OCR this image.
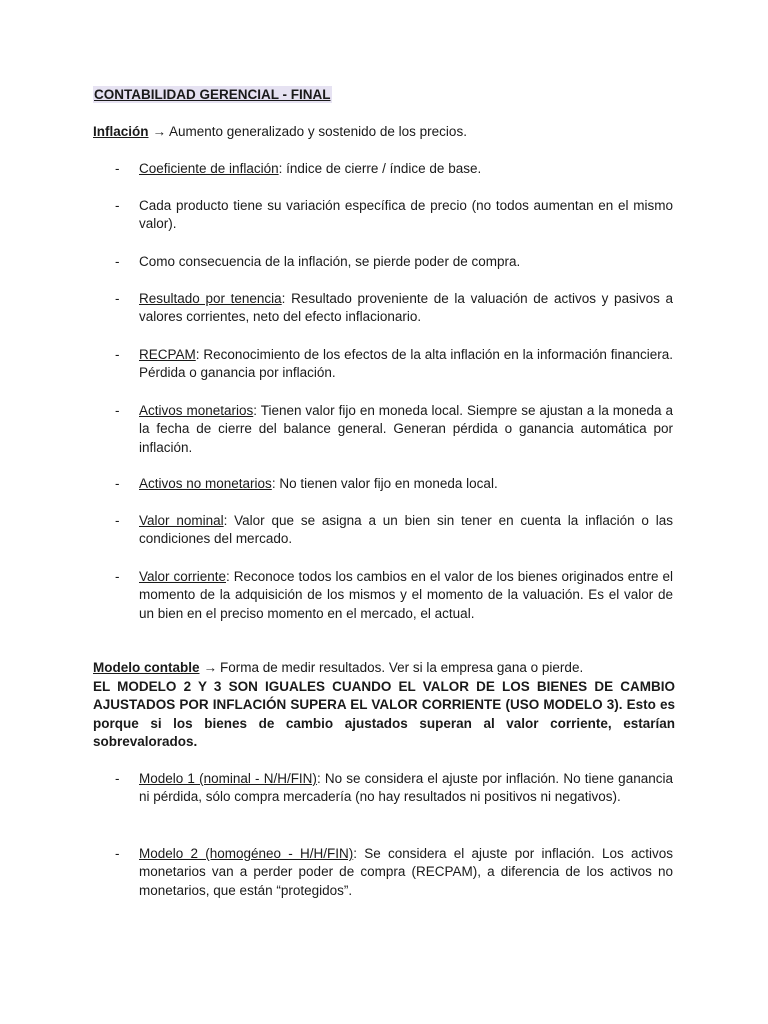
CONTABILIDAD GERENCIAL - FINAL
Inflación → Aumento generalizado y sostenido de los precios.
-	Coeficiente de inflación: índice de cierre / índice de base.
-	Cada producto tiene su variación específica de precio (no todos aumentan en el mismo valor).
-	Como consecuencia de la inflación, se pierde poder de compra.
-	Resultado por tenencia: Resultado proveniente de la valuación de activos y pasivos a valores corrientes, neto del efecto inflacionario.
-	RECPAM: Reconocimiento de los efectos de la alta inflación en la información financiera. Pérdida o ganancia por inflación.
-	Activos monetarios: Tienen valor fijo en moneda local. Siempre se ajustan a la moneda a la fecha de cierre del balance general. Generan pérdida o ganancia automática por inflación.
-	Activos no monetarios: No tienen valor fijo en moneda local.
-	Valor nominal: Valor que se asigna a un bien sin tener en cuenta la inflación o las condiciones del mercado.
-	Valor corriente: Reconoce todos los cambios en el valor de los bienes originados entre el momento de la adquisición de los mismos y el momento de la valuación. Es el valor de un bien en el preciso momento en el mercado, el actual.
Modelo contable → Forma de medir resultados. Ver si la empresa gana o pierde.
EL MODELO 2 Y 3 SON IGUALES CUANDO EL VALOR DE LOS BIENES DE CAMBIO AJUSTADOS POR INFLACIÓN SUPERA EL VALOR CORRIENTE (USO MODELO 3). Esto es porque si los bienes de cambio ajustados superan al valor corriente, estarían sobrevalorados.
-	Modelo 1 (nominal - N/H/FIN): No se considera el ajuste por inflación. No tiene ganancia ni pérdida, sólo compra mercadería (no hay resultados ni positivos ni negativos).
-	Modelo 2 (homogéneo - H/H/FIN): Se considera el ajuste por inflación. Los activos monetarios van a perder poder de compra (RECPAM), a diferencia de los activos no monetarios, que están “protegidos”.
